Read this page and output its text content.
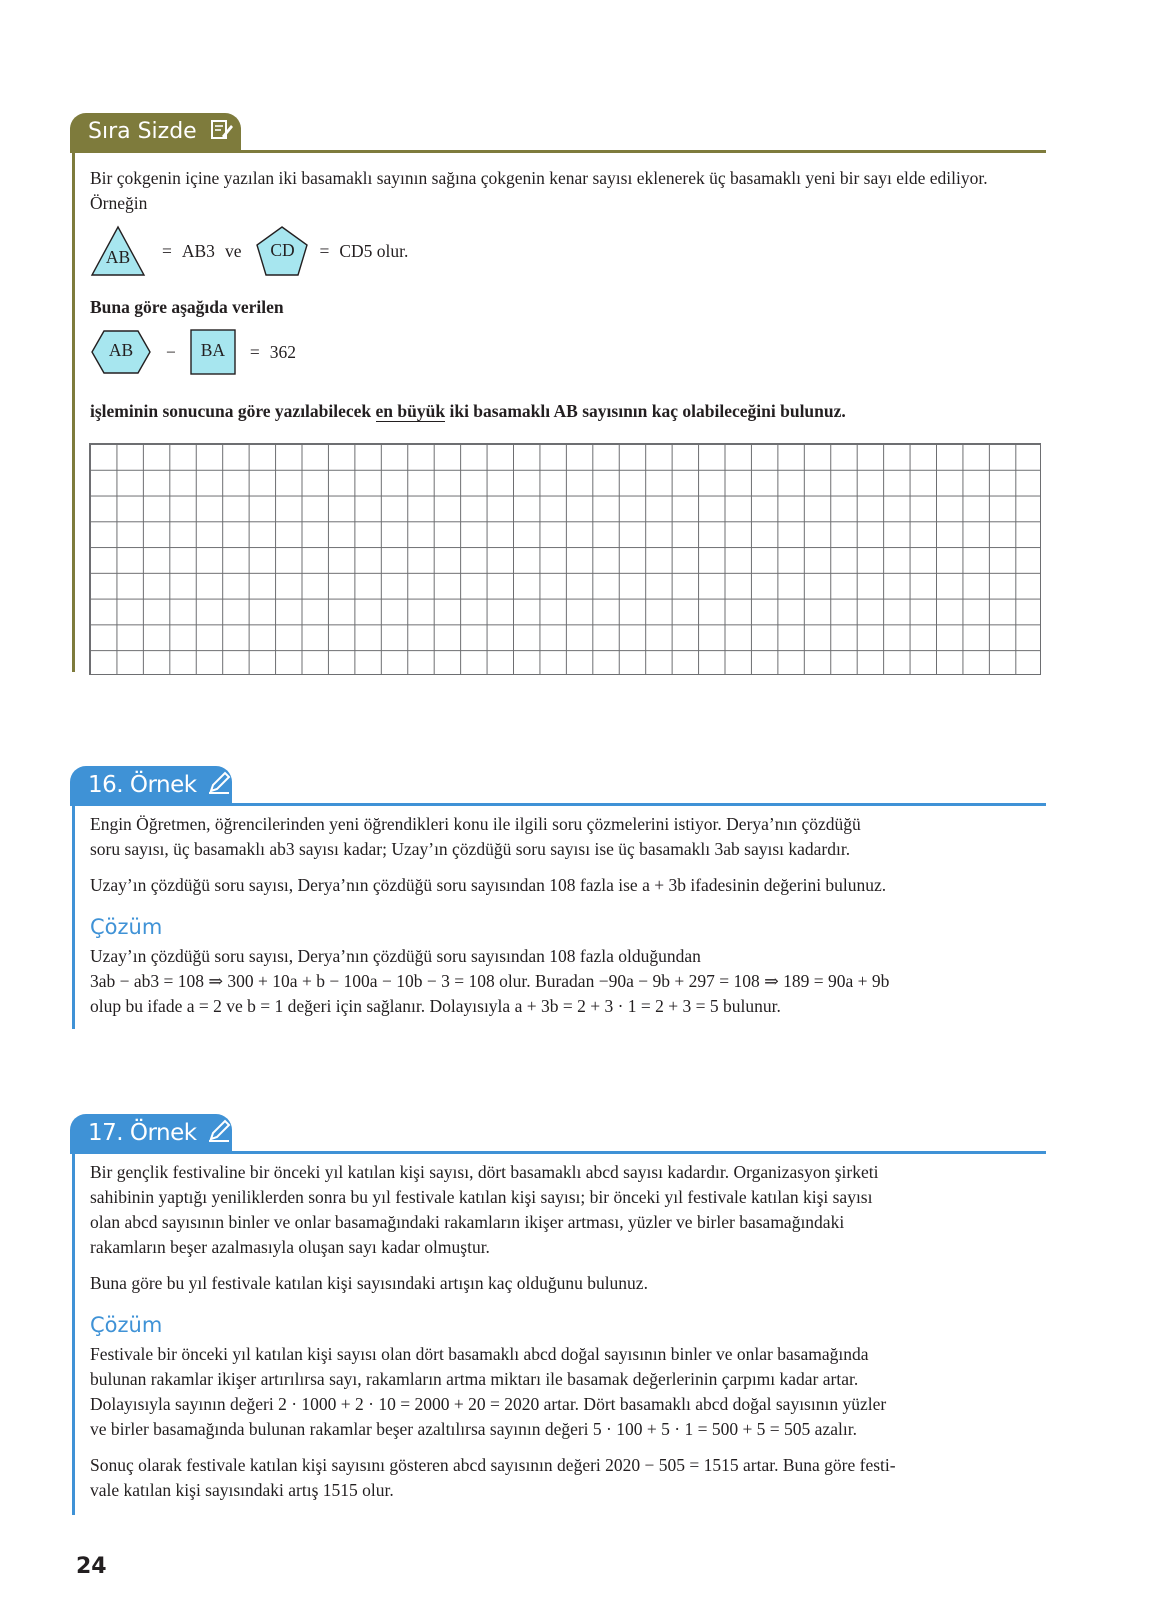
Sıra Sizde

Bir çokgenin içine yazılan iki basamaklı sayının sağına çokgenin kenar sayısı eklenerek üç basamaklı yeni bir sayı elde ediliyor. Örneğin

AB	= AB3 ve	CD	= CD5 olur.

Buna göre aşağıda verilen

AB	−	BA	= 362

işleminin sonucuna göre yazılabilecek en büyük iki basamaklı AB sayısının kaç olabileceğini bulunuz.

16. Örnek

Engin Öğretmen, öğrencilerinden yeni öğrendikleri konu ile ilgili soru çözmelerini istiyor. Derya’nın çözdüğü

soru sayısı, üç basamaklı ab3 sayısı kadar; Uzay’ın çözdüğü soru sayısı ise üç basamaklı 3ab sayısı kadardır.

Uzay’ın çözdüğü soru sayısı, Derya’nın çözdüğü soru sayısından 108 fazla ise a + 3b ifadesinin değerini bulunuz.

Çözüm

Uzay’ın çözdüğü soru sayısı, Derya’nın çözdüğü soru sayısından 108 fazla olduğundan

3ab − ab3 = 108 ⇒ 300 + 10a + b − 100a − 10b − 3 = 108 olur. Buradan −90a − 9b + 297 = 108 ⇒ 189 = 90a + 9b

olup bu ifade a = 2 ve b = 1 değeri için sağlanır. Dolayısıyla a + 3b = 2 + 3 · 1 = 2 + 3 = 5 bulunur.

17. Örnek

Bir gençlik festivaline bir önceki yıl katılan kişi sayısı, dört basamaklı abcd sayısı kadardır. Organizasyon şirketi

sahibinin yaptığı yeniliklerden sonra bu yıl festivale katılan kişi sayısı; bir önceki yıl festivale katılan kişi sayısı

olan abcd sayısının binler ve onlar basamağındaki rakamların ikişer artması, yüzler ve birler basamağındaki

rakamların beşer azalmasıyla oluşan sayı kadar olmuştur.

Buna göre bu yıl festivale katılan kişi sayısındaki artışın kaç olduğunu bulunuz.

Çözüm

Festivale bir önceki yıl katılan kişi sayısı olan dört basamaklı abcd doğal sayısının binler ve onlar basamağında

bulunan rakamlar ikişer artırılırsa sayı, rakamların artma miktarı ile basamak değerlerinin çarpımı kadar artar.

Dolayısıyla sayının değeri 2 · 1000 + 2 · 10 = 2000 + 20 = 2020 artar. Dört basamaklı abcd doğal sayısının yüzler

ve birler basamağında bulunan rakamlar beşer azaltılırsa sayının değeri 5 · 100 + 5 · 1 = 500 + 5 = 505 azalır.

Sonuç olarak festivale katılan kişi sayısını gösteren abcd sayısının değeri 2020 − 505 = 1515 artar. Buna göre festi-

vale katılan kişi sayısındaki artış 1515 olur.

24
